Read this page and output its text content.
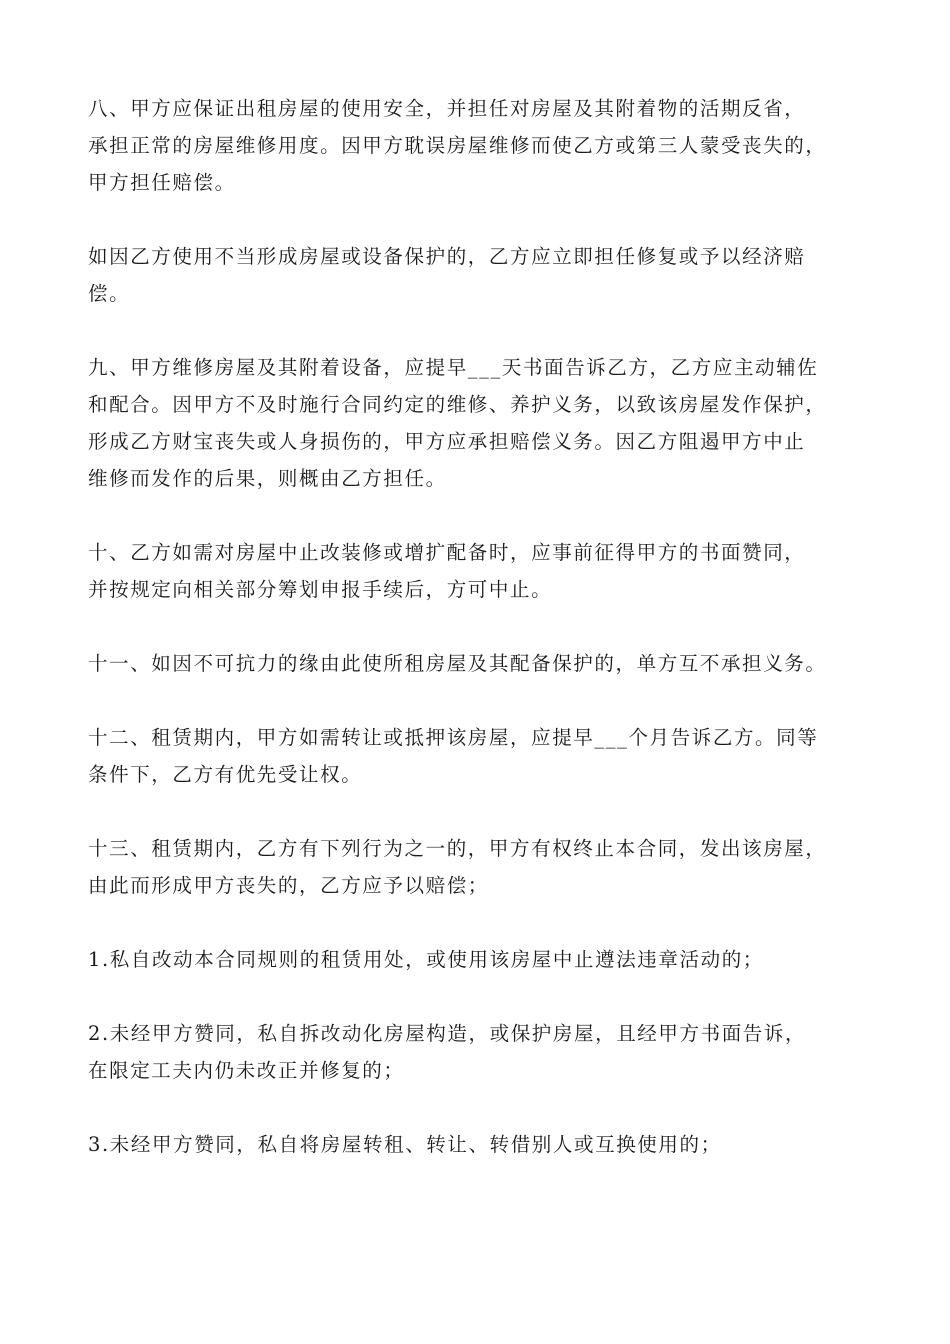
八、甲方应保证出租房屋的使用安全，并担任对房屋及其附着物的活期反省，
承担正常的房屋维修用度。因甲方耽误房屋维修而使乙方或第三人蒙受丧失的，
甲方担任赔偿。

如因乙方使用不当形成房屋或设备保护的，乙方应立即担任修复或予以经济赔
偿。

九、甲方维修房屋及其附着设备，应提早___天书面告诉乙方，乙方应主动辅佐
和配合。因甲方不及时施行合同约定的维修、养护义务，以致该房屋发作保护，
形成乙方财宝丧失或人身损伤的，甲方应承担赔偿义务。因乙方阻遏甲方中止
维修而发作的后果，则概由乙方担任。

十、乙方如需对房屋中止改装修或增扩配备时，应事前征得甲方的书面赞同，
并按规定向相关部分筹划申报手续后，方可中止。

十一、如因不可抗力的缘由此使所租房屋及其配备保护的，单方互不承担义务。

十二、租赁期内，甲方如需转让或抵押该房屋，应提早___个月告诉乙方。同等
条件下，乙方有优先受让权。

十三、租赁期内，乙方有下列行为之一的，甲方有权终止本合同，发出该房屋，
由此而形成甲方丧失的，乙方应予以赔偿；

1.私自改动本合同规则的租赁用处，或使用该房屋中止遵法违章活动的；

2.未经甲方赞同，私自拆改动化房屋构造，或保护房屋，且经甲方书面告诉，
在限定工夫内仍未改正并修复的；

3.未经甲方赞同，私自将房屋转租、转让、转借别人或互换使用的；
